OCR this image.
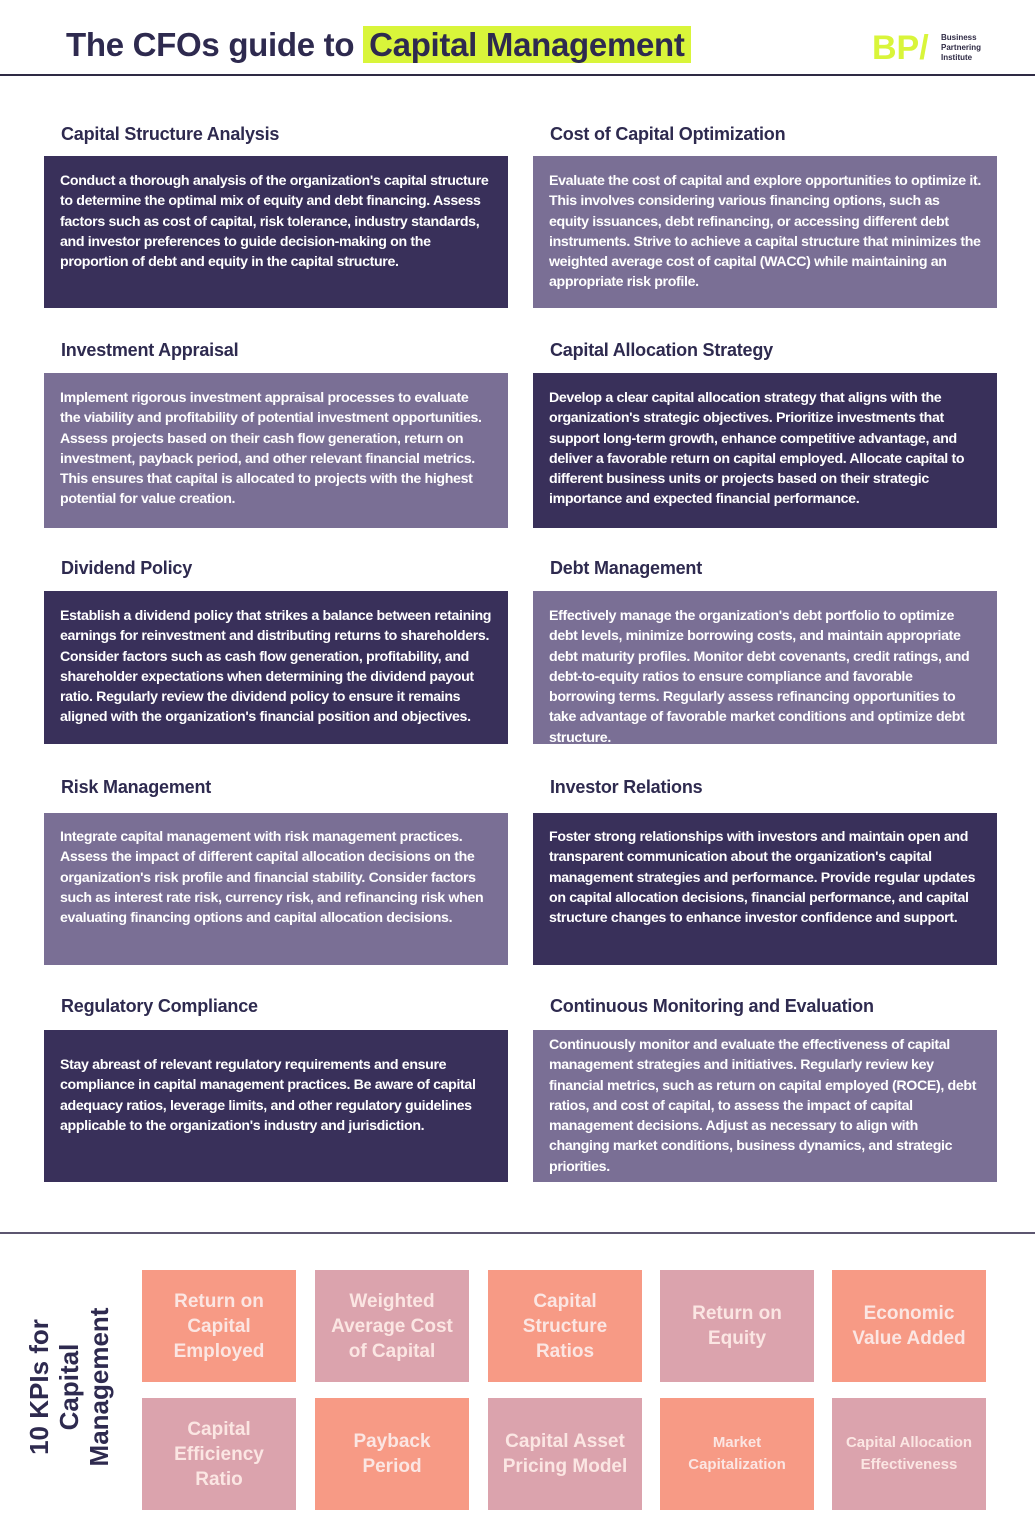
The CFOs guide to Capital Management	BP/ Business Partnering Institute
Capital Structure Analysis
Conduct a thorough analysis of the organization's capital structure to determine the optimal mix of equity and debt financing. Assess factors such as cost of capital, risk tolerance, industry standards, and investor preferences to guide decision-making on the proportion of debt and equity in the capital structure.
Cost of Capital Optimization
Evaluate the cost of capital and explore opportunities to optimize it. This involves considering various financing options, such as equity issuances, debt refinancing, or accessing different debt instruments. Strive to achieve a capital structure that minimizes the weighted average cost of capital (WACC) while maintaining an appropriate risk profile.
Investment Appraisal
Implement rigorous investment appraisal processes to evaluate the viability and profitability of potential investment opportunities. Assess projects based on their cash flow generation, return on investment, payback period, and other relevant financial metrics. This ensures that capital is allocated to projects with the highest potential for value creation.
Capital Allocation Strategy
Develop a clear capital allocation strategy that aligns with the organization's strategic objectives. Prioritize investments that support long-term growth, enhance competitive advantage, and deliver a favorable return on capital employed. Allocate capital to different business units or projects based on their strategic importance and expected financial performance.
Dividend Policy
Establish a dividend policy that strikes a balance between retaining earnings for reinvestment and distributing returns to shareholders. Consider factors such as cash flow generation, profitability, and shareholder expectations when determining the dividend payout ratio. Regularly review the dividend policy to ensure it remains aligned with the organization's financial position and objectives.
Debt Management
Effectively manage the organization's debt portfolio to optimize debt levels, minimize borrowing costs, and maintain appropriate debt maturity profiles. Monitor debt covenants, credit ratings, and debt-to-equity ratios to ensure compliance and favorable borrowing terms. Regularly assess refinancing opportunities to take advantage of favorable market conditions and optimize debt structure.
Risk Management
Integrate capital management with risk management practices. Assess the impact of different capital allocation decisions on the organization's risk profile and financial stability. Consider factors such as interest rate risk, currency risk, and refinancing risk when evaluating financing options and capital allocation decisions.
Investor Relations
Foster strong relationships with investors and maintain open and transparent communication about the organization's capital management strategies and performance. Provide regular updates on capital allocation decisions, financial performance, and capital structure changes to enhance investor confidence and support.
Regulatory Compliance
Stay abreast of relevant regulatory requirements and ensure compliance in capital management practices. Be aware of capital adequacy ratios, leverage limits, and other regulatory guidelines applicable to the organization's industry and jurisdiction.
Continuous Monitoring and Evaluation
Continuously monitor and evaluate the effectiveness of capital management strategies and initiatives. Regularly review key financial metrics, such as return on capital employed (ROCE), debt ratios, and cost of capital, to assess the impact of capital management decisions. Adjust as necessary to align with changing market conditions, business dynamics, and strategic priorities.
10 KPIs for Capital Management
Return on Capital Employed
Weighted Average Cost of Capital
Capital Structure Ratios
Return on Equity
Economic Value Added
Capital Efficiency Ratio
Payback Period
Capital Asset Pricing Model
Market Capitalization
Capital Allocation Effectiveness
